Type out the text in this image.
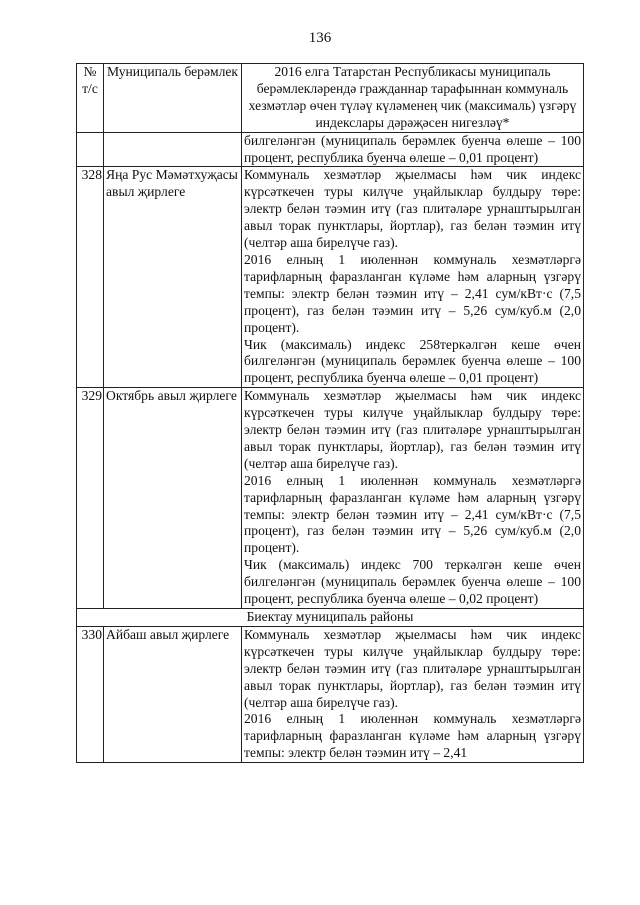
136
№ т/с	Муниципаль берәмлек	2016 елга Татарстан Республикасы муниципаль берәмлекләрендә гражданнар тарафыннан коммуналь хезмәтләр өчен түләү күләменең чик (максималь) үзгәрү индекслары дәрәҗәсен нигезләү*
		билгеләнгән (муниципаль берәмлек буенча өлеше – 100 процент, республика буенча өлеше – 0,01 процент)
328	Яңа Рус Мәмәтхуҗасы авыл җирлеге	Коммуналь хезмәтләр җыелмасы һәм чик индекс күрсәткечен туры килүче уңайлыклар булдыру төре: электр белән тәэмин итү (газ плитәләре урнаштырылган авыл торак пунктлары, йортлар), газ белән тәэмин итү (челтәр аша бирелүче газ).
2016 елның 1 июленнән коммуналь хезмәтләргә тарифларның фаразланган күләме һәм аларның үзгәрү темпы: электр белән тәэмин итү – 2,41 сум/кВт·с (7,5 процент), газ белән тәэмин итү – 5,26 сум/куб.м (2,0 процент).
Чик (максималь) индекс 258теркәлгән кеше өчен билгеләнгән (муниципаль берәмлек буенча өлеше – 100 процент, республика буенча өлеше – 0,01 процент)

329	Октябрь авыл җирлеге	Коммуналь хезмәтләр җыелмасы һәм чик индекс күрсәткечен туры килүче уңайлыклар булдыру төре: электр белән тәэмин итү (газ плитәләре урнаштырылган авыл торак пунктлары, йортлар), газ белән тәэмин итү (челтәр аша бирелүче газ).
2016 елның 1 июленнән коммуналь хезмәтләргә тарифларның фаразланган күләме һәм аларның үзгәрү темпы: электр белән тәэмин итү – 2,41 сум/кВт·с (7,5 процент), газ белән тәэмин итү – 5,26 сум/куб.м (2,0 процент).
Чик (максималь) индекс 700 теркәлгән кеше өчен билгеләнгән (муниципаль берәмлек буенча өлеше – 100 процент, республика буенча өлеше – 0,02 процент)

Биектау муниципаль районы		
330	Айбаш авыл җирлеге	Коммуналь хезмәтләр җыелмасы һәм чик индекс күрсәткечен туры килүче уңайлыклар булдыру төре: электр белән тәэмин итү (газ плитәләре урнаштырылган авыл торак пунктлары, йортлар), газ белән тәэмин итү (челтәр аша бирелүче газ).
2016 елның 1 июленнән коммуналь хезмәтләргә тарифларның фаразланган күләме һәм аларның үзгәрү темпы: электр белән тәэмин итү – 2,41
